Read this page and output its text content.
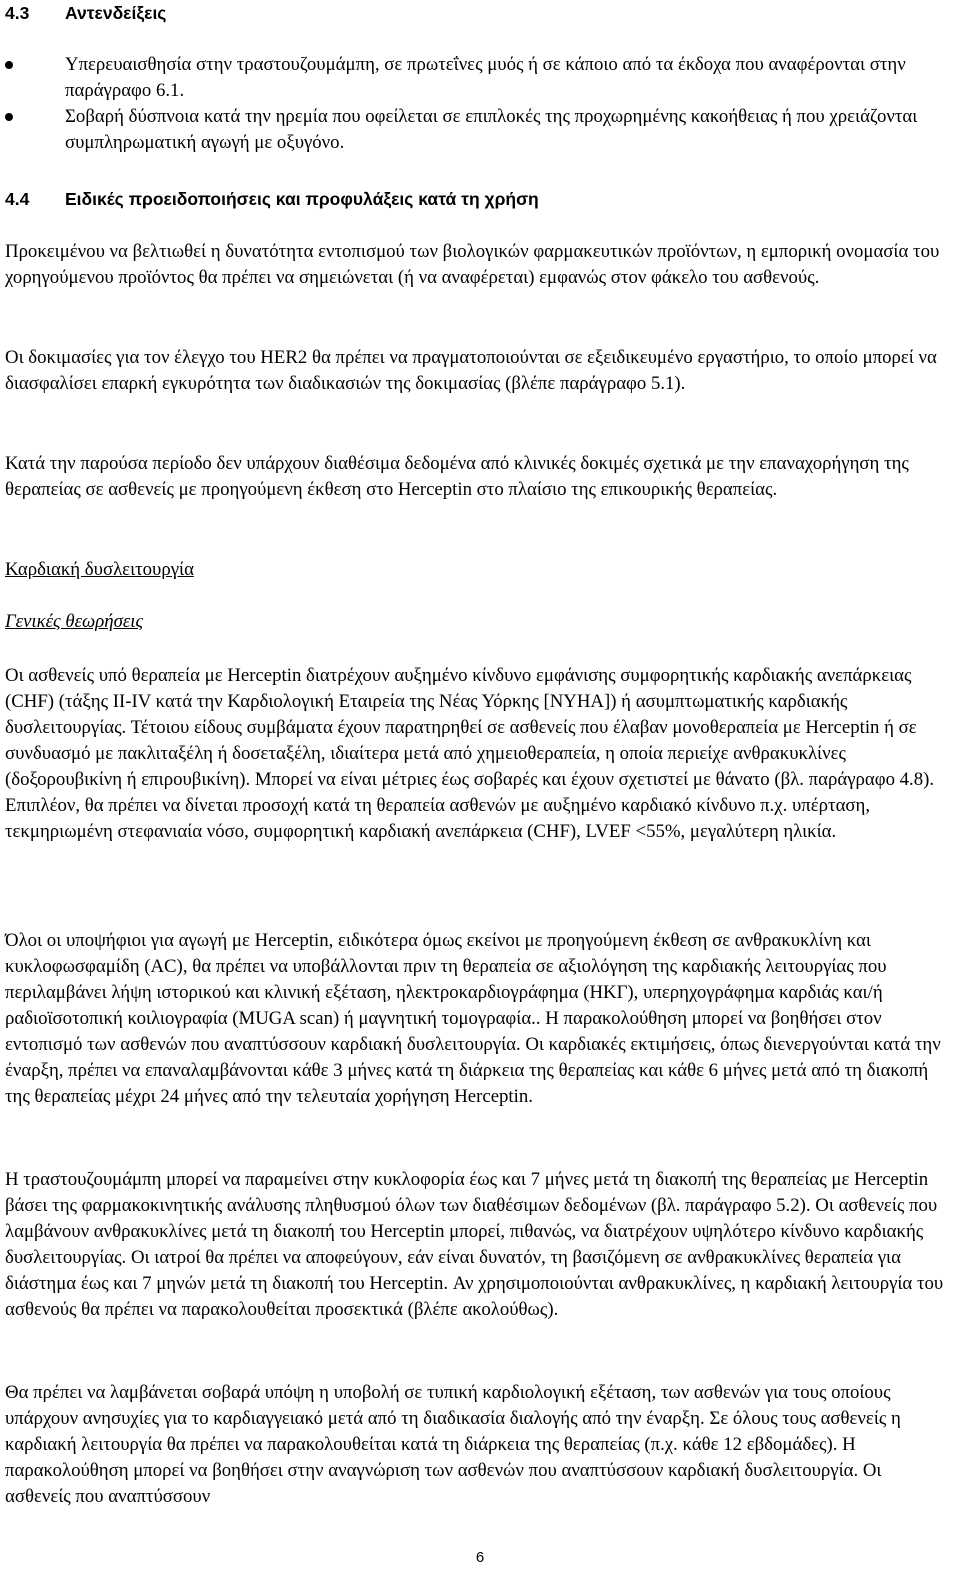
4.3 Αντενδείξεις
Υπερευαισθησία στην τραστουζουμάμπη, σε πρωτεΐνες μυός ή σε κάποιο από τα έκδοχα που αναφέρονται στην παράγραφο 6.1.
Σοβαρή δύσπνοια κατά την ηρεμία που οφείλεται σε επιπλοκές της προχωρημένης κακοήθειας ή που χρειάζονται συμπληρωματική αγωγή με οξυγόνο.
4.4 Ειδικές προειδοποιήσεις και προφυλάξεις κατά τη χρήση

Προκειμένου να βελτιωθεί η δυνατότητα εντοπισμού των βιολογικών φαρμακευτικών προϊόντων, η εμπορική ονομασία του χορηγούμενου προϊόντος θα πρέπει να σημειώνεται (ή να αναφέρεται) εμφανώς στον φάκελο του ασθενούς.

Οι δοκιμασίες για τον έλεγχο του HER2 θα πρέπει να πραγματοποιούνται σε εξειδικευμένο εργαστήριο, το οποίο μπορεί να διασφαλίσει επαρκή εγκυρότητα των διαδικασιών της δοκιμασίας (βλέπε παράγραφο 5.1).

Κατά την παρούσα περίοδο δεν υπάρχουν διαθέσιμα δεδομένα από κλινικές δοκιμές σχετικά με την επαναχορήγηση της θεραπείας σε ασθενείς με προηγούμενη έκθεση στο Herceptin στο πλαίσιο της επικουρικής θεραπείας.

Καρδιακή δυσλειτουργία

Γενικές θεωρήσεις

Οι ασθενείς υπό θεραπεία με Herceptin διατρέχουν αυξημένο κίνδυνο εμφάνισης συμφορητικής καρδιακής ανεπάρκειας (CHF) (τάξης II-IV κατά την Καρδιολογική Εταιρεία της Νέας Υόρκης [NYHA]) ή ασυμπτωματικής καρδιακής δυσλειτουργίας. Τέτοιου είδους συμβάματα έχουν παρατηρηθεί σε ασθενείς που έλαβαν μονοθεραπεία με Herceptin ή σε συνδυασμό με πακλιταξέλη ή δοσεταξέλη, ιδιαίτερα μετά από χημειοθεραπεία, η οποία περιείχε ανθρακυκλίνες (δοξορουβικίνη ή επιρουβικίνη). Μπορεί να είναι μέτριες έως σοβαρές και έχουν σχετιστεί με θάνατο (βλ. παράγραφο 4.8). Επιπλέον, θα πρέπει να δίνεται προσοχή κατά τη θεραπεία ασθενών με αυξημένο καρδιακό κίνδυνο π.χ. υπέρταση, τεκμηριωμένη στεφανιαία νόσο, συμφορητική καρδιακή ανεπάρκεια (CHF), LVEF <55%, μεγαλύτερη ηλικία.

Όλοι οι υποψήφιοι για αγωγή με Herceptin, ειδικότερα όμως εκείνοι με προηγούμενη έκθεση σε ανθρακυκλίνη και κυκλοφωσφαμίδη (AC), θα πρέπει να υποβάλλονται πριν τη θεραπεία σε αξιολόγηση της καρδιακής λειτουργίας που περιλαμβάνει λήψη ιστορικού και κλινική εξέταση, ηλεκτροκαρδιογράφημα (ΗΚΓ), υπερηχογράφημα καρδιάς και/ή ραδιοϊσοτοπική κοιλιογραφία (MUGA scan) ή μαγνητική τομογραφία.. Η παρακολούθηση μπορεί να βοηθήσει στον εντοπισμό των ασθενών που αναπτύσσουν καρδιακή δυσλειτουργία. Οι καρδιακές εκτιμήσεις, όπως διενεργούνται κατά την έναρξη, πρέπει να επαναλαμβάνονται κάθε 3 μήνες κατά τη διάρκεια της θεραπείας και κάθε 6 μήνες μετά από τη διακοπή της θεραπείας μέχρι 24 μήνες από την τελευταία χορήγηση Herceptin.

Η τραστουζουμάμπη μπορεί να παραμείνει στην κυκλοφορία έως και 7 μήνες μετά τη διακοπή της θεραπείας με Herceptin βάσει της φαρμακοκινητικής ανάλυσης πληθυσμού όλων των διαθέσιμων δεδομένων (βλ. παράγραφο 5.2). Οι ασθενείς που λαμβάνουν ανθρακυκλίνες μετά τη διακοπή του Herceptin μπορεί, πιθανώς, να διατρέχουν υψηλότερο κίνδυνο καρδιακής δυσλειτουργίας. Οι ιατροί θα πρέπει να αποφεύγουν, εάν είναι δυνατόν, τη βασιζόμενη σε ανθρακυκλίνες θεραπεία για διάστημα έως και 7 μηνών μετά τη διακοπή του Herceptin. Αν χρησιμοποιούνται ανθρακυκλίνες, η καρδιακή λειτουργία του ασθενούς θα πρέπει να παρακολουθείται προσεκτικά (βλέπε ακολούθως).

Θα πρέπει να λαμβάνεται σοβαρά υπόψη η υποβολή σε τυπική καρδιολογική εξέταση, των ασθενών για τους οποίους υπάρχουν ανησυχίες για το καρδιαγγειακό μετά από τη διαδικασία διαλογής από την έναρξη. Σε όλους τους ασθενείς η καρδιακή λειτουργία θα πρέπει να παρακολουθείται κατά τη διάρκεια της θεραπείας (π.χ. κάθε 12 εβδομάδες). Η παρακολούθηση μπορεί να βοηθήσει στην αναγνώριση των ασθενών που αναπτύσσουν καρδιακή δυσλειτουργία. Οι ασθενείς που αναπτύσσουν

6
